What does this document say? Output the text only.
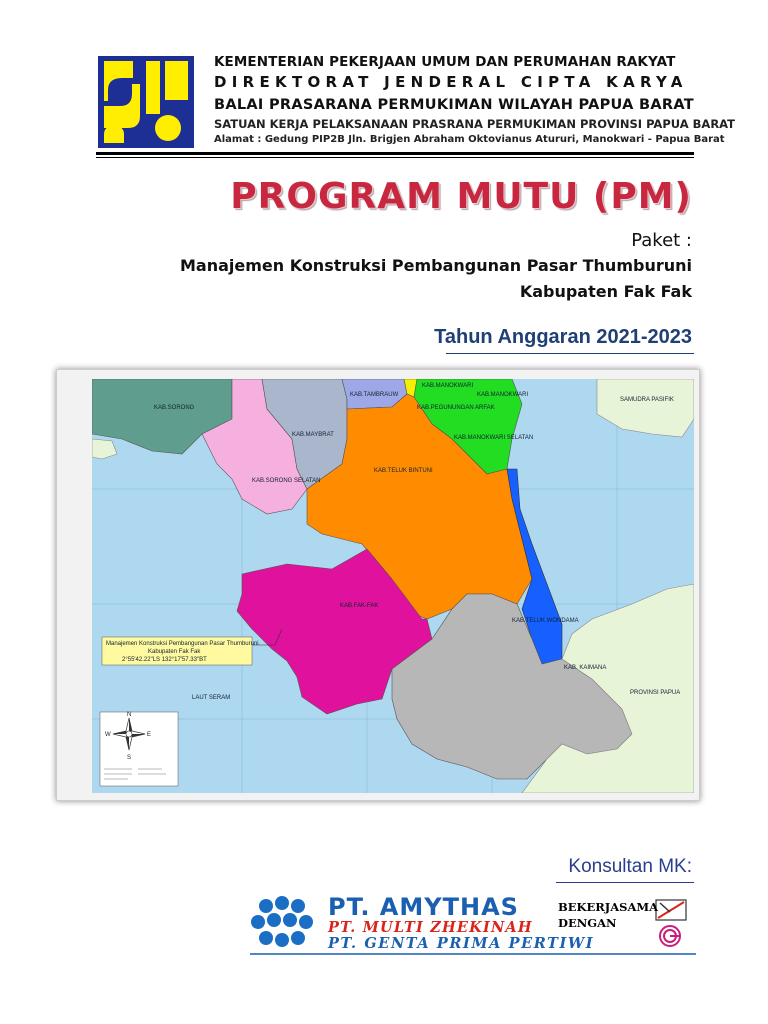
KEMENTERIAN PEKERJAAN UMUM DAN PERUMAHAN RAKYAT
DIREKTORAT JENDERAL CIPTA KARYA
BALAI PRASARANA PERMUKIMAN WILAYAH PAPUA BARAT
SATUAN KERJA PELAKSANAAN PRASRANA PERMUKIMAN PROVINSI PAPUA BARAT
Alamat : Gedung PIP2B Jln. Brigjen Abraham Oktovianus Atururi, Manokwari - Papua Barat
PROGRAM MUTU (PM)
Paket :
Manajemen Konstruksi Pembangunan Pasar Thumburuni
Kabupaten Fak Fak
Tahun Anggaran 2021-2023
KAB.SORONG
KAB.TAMBRAUW
KAB.MANOKWARI
KAB.MANOKWARI
KAB.PEGUNUNGAN ARFAK
KAB.MANOKWARI SELATAN
KAB.MAYBRAT
KAB.SORONG SELATAN
KAB.TELUK BINTUNI
KAB.FAK-FAK
KAB.TELUK WONDAMA
KAB. KAIMANA
SAMUDRA PASIFIK
LAUT SERAM
PROVINSI PAPUA
Manajemen Konstruksi Pembangunan Pasar Thumburuni
Kabupaten Fak Fak
2°55'42.22"LS 132°17'57.33"BT
N
S
E
W
Konsultan MK:
PT. AMYTHAS
PT. MULTI ZHEKINAH
PT. GENTA PRIMA PERTIWI
BEKERJASAMA
DENGAN
